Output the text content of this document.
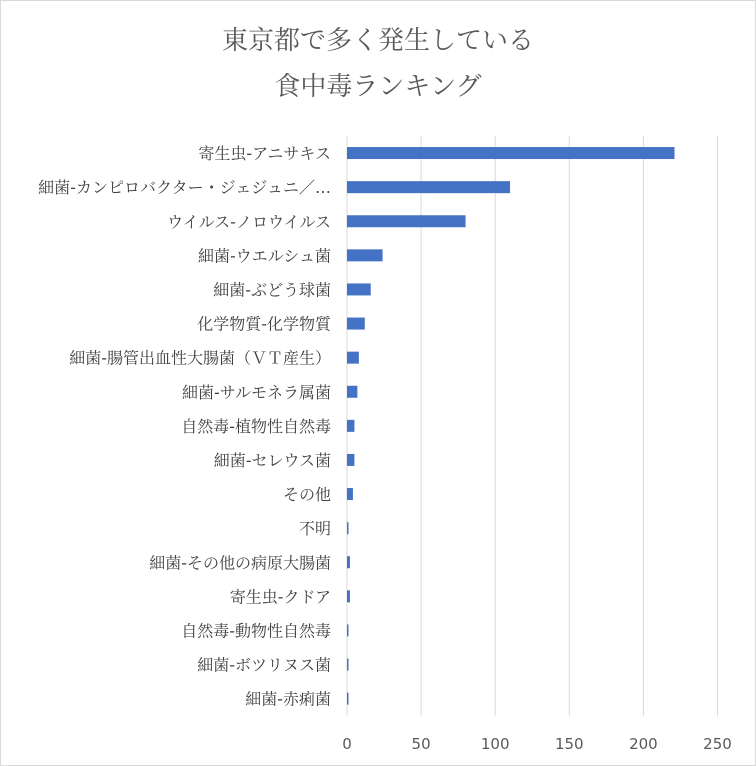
東京都で多く発生している
食中毒ランキング
0	50	100	150	200	250
寄生虫-アニサキス
細菌-カンピロバクター・ジェジュニ／…
ウイルス-ノロウイルス
細菌-ウエルシュ菌
細菌-ぶどう球菌
化学物質-化学物質
細菌-腸管出血性大腸菌（ＶＴ産生）
細菌-サルモネラ属菌
自然毒-植物性自然毒
細菌-セレウス菌
その他
不明
細菌-その他の病原大腸菌
寄生虫-クドア
自然毒-動物性自然毒
細菌-ボツリヌス菌
細菌-赤痢菌
